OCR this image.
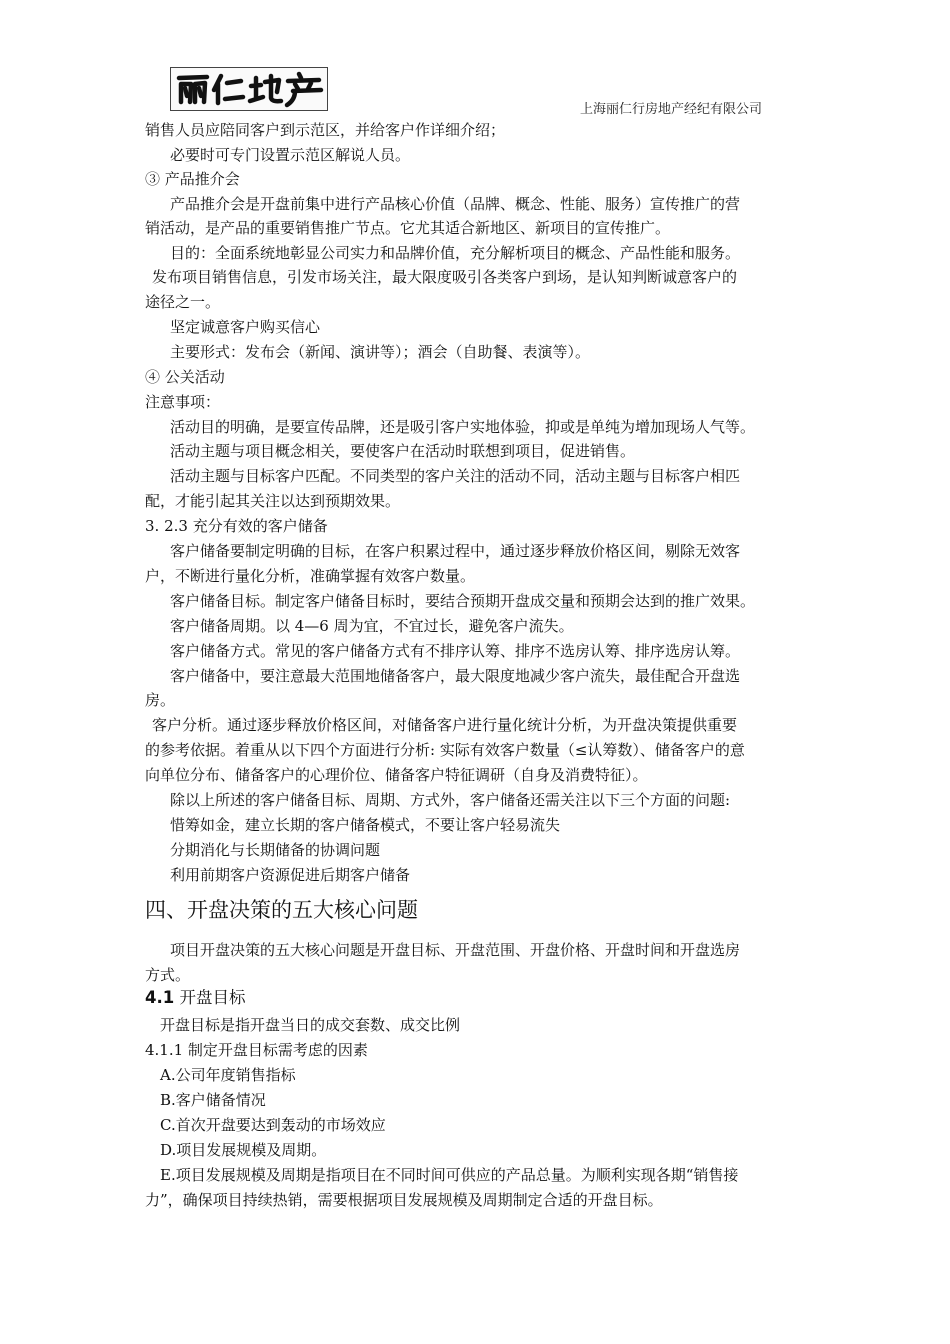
上海丽仁行房地产经纪有限公司
销售人员应陪同客户到示范区，并给客户作详细介绍；
必要时可专门设置示范区解说人员。
③ 产品推介会
产品推介会是开盘前集中进行产品核心价值（品牌、概念、性能、服务）宣传推广的营
销活动，是产品的重要销售推广节点。它尤其适合新地区、新项目的宣传推广。
目的：全面系统地彰显公司实力和品牌价值，充分解析项目的概念、产品性能和服务。
发布项目销售信息，引发市场关注，最大限度吸引各类客户到场，是认知判断诚意客户的
途径之一。
坚定诚意客户购买信心
主要形式：发布会（新闻、演讲等）；酒会（自助餐、表演等）。
④ 公关活动
注意事项：
活动目的明确，是要宣传品牌，还是吸引客户实地体验，抑或是单纯为增加现场人气等。
活动主题与项目概念相关，要使客户在活动时联想到项目，促进销售。
活动主题与目标客户匹配。不同类型的客户关注的活动不同，活动主题与目标客户相匹
配，才能引起其关注以达到预期效果。
3. 2.3 充分有效的客户储备
客户储备要制定明确的目标，在客户积累过程中，通过逐步释放价格区间，剔除无效客
户，不断进行量化分析，准确掌握有效客户数量。
客户储备目标。制定客户储备目标时，要结合预期开盘成交量和预期会达到的推广效果。
客户储备周期。以 4—6 周为宜，不宜过长，避免客户流失。
客户储备方式。常见的客户储备方式有不排序认筹、排序不选房认筹、排序选房认筹。
客户储备中，要注意最大范围地储备客户，最大限度地减少客户流失，最佳配合开盘选
房。
客户分析。通过逐步释放价格区间，对储备客户进行量化统计分析，为开盘决策提供重要
的参考依据。着重从以下四个方面进行分析: 实际有效客户数量（≤认筹数）、储备客户的意
向单位分布、储备客户的心理价位、储备客户特征调研（自身及消费特征）。
除以上所述的客户储备目标、周期、方式外，客户储备还需关注以下三个方面的问题:
惜筹如金，建立长期的客户储备模式，不要让客户轻易流失
分期消化与长期储备的协调问题
利用前期客户资源促进后期客户储备
四、开盘决策的五大核心问题
项目开盘决策的五大核心问题是开盘目标、开盘范围、开盘价格、开盘时间和开盘选房
方式。
4.1 开盘目标
开盘目标是指开盘当日的成交套数、成交比例
4.1.1 制定开盘目标需考虑的因素
A.公司年度销售指标
B.客户储备情况
C.首次开盘要达到轰动的市场效应
D.项目发展规模及周期。
E.项目发展规模及周期是指项目在不同时间可供应的产品总量。为顺利实现各期“销售接
力”，确保项目持续热销，需要根据项目发展规模及周期制定合适的开盘目标。
